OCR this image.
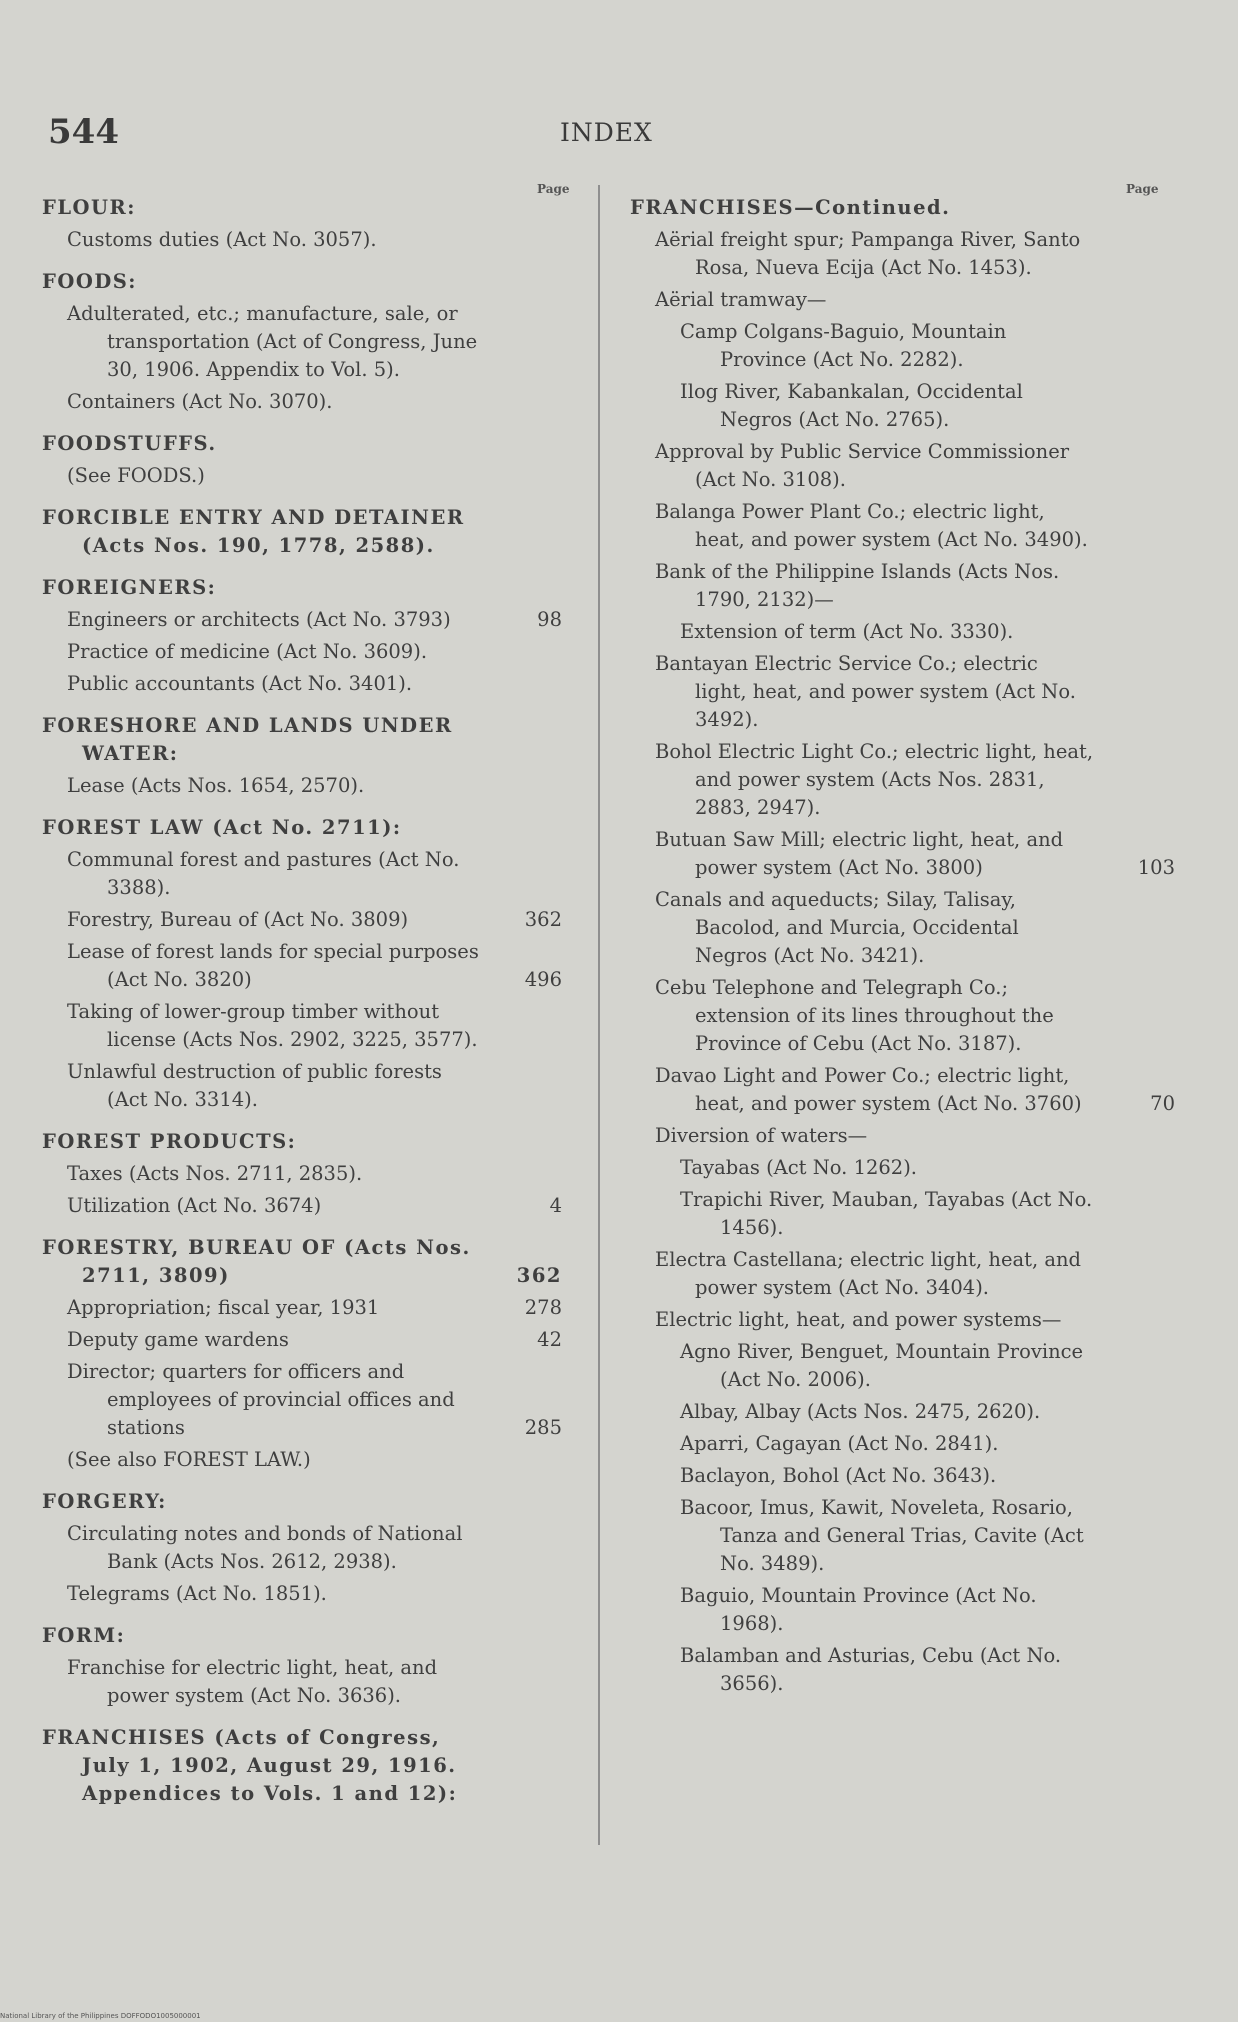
544	INDEX
Page	Page
FLOUR:
Customs duties (Act No. 3057).
FOODS:
Adulterated, etc.; manufacture, sale, or transportation (Act of Congress, June 30, 1906. Appendix to Vol. 5).
Containers (Act No. 3070).
FOODSTUFFS.
(See FOODS.)
FORCIBLE ENTRY AND DETAINER (Acts Nos. 190, 1778, 2588).
FOREIGNERS:
Engineers or architects (Act No. 3793)	98
Practice of medicine (Act No. 3609).
Public accountants (Act No. 3401).
FORESHORE AND LANDS UNDER WATER:
Lease (Acts Nos. 1654, 2570).
FOREST LAW (Act No. 2711):
Communal forest and pastures (Act No. 3388).
Forestry, Bureau of (Act No. 3809)	362
Lease of forest lands for special purposes (Act No. 3820)	496
Taking of lower-group timber without license (Acts Nos. 2902, 3225, 3577).
Unlawful destruction of public forests (Act No. 3314).
FOREST PRODUCTS:
Taxes (Acts Nos. 2711, 2835).
Utilization (Act No. 3674)	4
FORESTRY, BUREAU OF (Acts Nos. 2711, 3809)	362
Appropriation; fiscal year, 1931	278
Deputy game wardens	42
Director; quarters for officers and employees of provincial offices and stations	285
(See also FOREST LAW.)
FORGERY:
Circulating notes and bonds of National Bank (Acts Nos. 2612, 2938).
Telegrams (Act No. 1851).
FORM:
Franchise for electric light, heat, and power system (Act No. 3636).
FRANCHISES (Acts of Congress, July 1, 1902, August 29, 1916. Appendices to Vols. 1 and 12):
FRANCHISES—Continued.
Aërial freight spur; Pampanga River, Santo Rosa, Nueva Ecija (Act No. 1453).
Aërial tramway—
Camp Colgans-Baguio, Mountain Province (Act No. 2282).
Ilog River, Kabankalan, Occidental Negros (Act No. 2765).
Approval by Public Service Commissioner (Act No. 3108).
Balanga Power Plant Co.; electric light, heat, and power system (Act No. 3490).
Bank of the Philippine Islands (Acts Nos. 1790, 2132)—
Extension of term (Act No. 3330).
Bantayan Electric Service Co.; electric light, heat, and power system (Act No. 3492).
Bohol Electric Light Co.; electric light, heat, and power system (Acts Nos. 2831, 2883, 2947).
Butuan Saw Mill; electric light, heat, and power system (Act No. 3800)	103
Canals and aqueducts; Silay, Talisay, Bacolod, and Murcia, Occidental Negros (Act No. 3421).
Cebu Telephone and Telegraph Co.; extension of its lines throughout the Province of Cebu (Act No. 3187).
Davao Light and Power Co.; electric light, heat, and power system (Act No. 3760)	70
Diversion of waters—
Tayabas (Act No. 1262).
Trapichi River, Mauban, Tayabas (Act No. 1456).
Electra Castellana; electric light, heat, and power system (Act No. 3404).
Electric light, heat, and power systems—
Agno River, Benguet, Mountain Province (Act No. 2006).
Albay, Albay (Acts Nos. 2475, 2620).
Aparri, Cagayan (Act No. 2841).
Baclayon, Bohol (Act No. 3643).
Bacoor, Imus, Kawit, Noveleta, Rosario, Tanza and General Trias, Cavite (Act No. 3489).
Baguio, Mountain Province (Act No. 1968).
Balamban and Asturias, Cebu (Act No. 3656).
National Library of the Philippines DOFFODO1005000001
